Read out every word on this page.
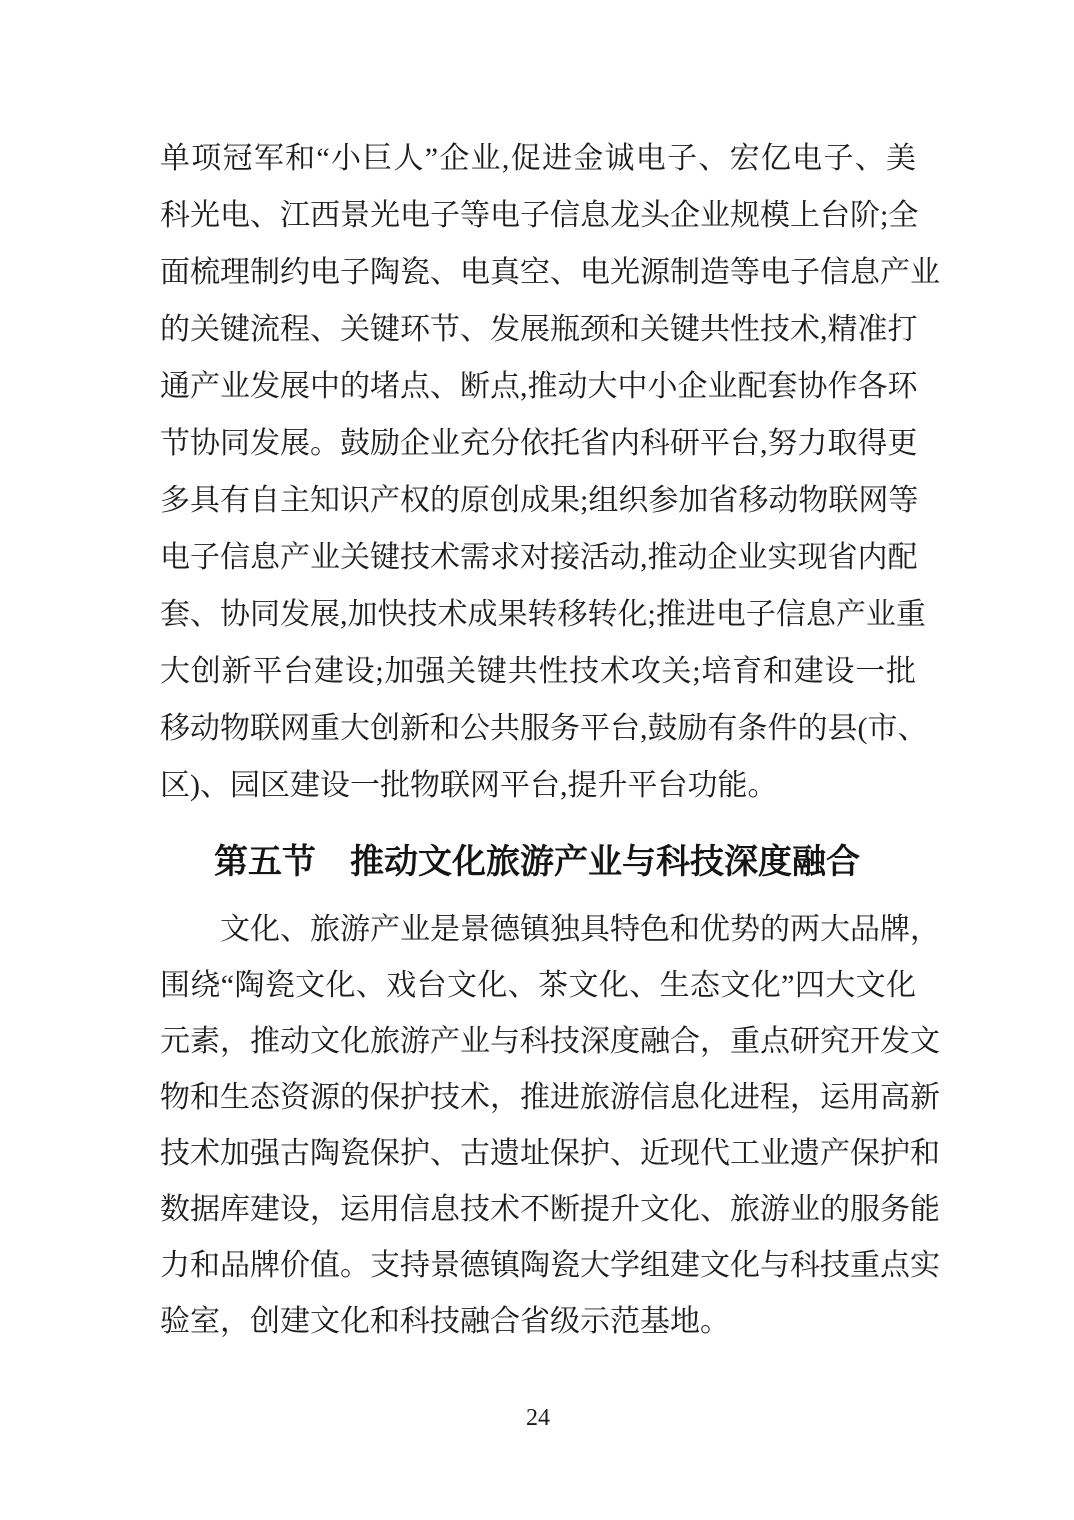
单项冠军和“小巨人”企业,促进金诚电子、宏亿电子、美
科光电、江西景光电子等电子信息龙头企业规模上台阶;全
面梳理制约电子陶瓷、电真空、电光源制造等电子信息产业
的关键流程、关键环节、发展瓶颈和关键共性技术,精准打
通产业发展中的堵点、断点,推动大中小企业配套协作各环
节协同发展。鼓励企业充分依托省内科研平台,努力取得更
多具有自主知识产权的原创成果;组织参加省移动物联网等
电子信息产业关键技术需求对接活动,推动企业实现省内配
套、协同发展,加快技术成果转移转化;推进电子信息产业重
大创新平台建设;加强关键共性技术攻关;培育和建设一批
移动物联网重大创新和公共服务平台,鼓励有条件的县(市、
区)、园区建设一批物联网平台,提升平台功能。
第五节　推动文化旅游产业与科技深度融合
　　文化、旅游产业是景德镇独具特色和优势的两大品牌，
围绕“陶瓷文化、戏台文化、茶文化、生态文化”四大文化
元素，推动文化旅游产业与科技深度融合，重点研究开发文
物和生态资源的保护技术，推进旅游信息化进程，运用高新
技术加强古陶瓷保护、古遗址保护、近现代工业遗产保护和
数据库建设，运用信息技术不断提升文化、旅游业的服务能
力和品牌价值。支持景德镇陶瓷大学组建文化与科技重点实
验室，创建文化和科技融合省级示范基地。
24
